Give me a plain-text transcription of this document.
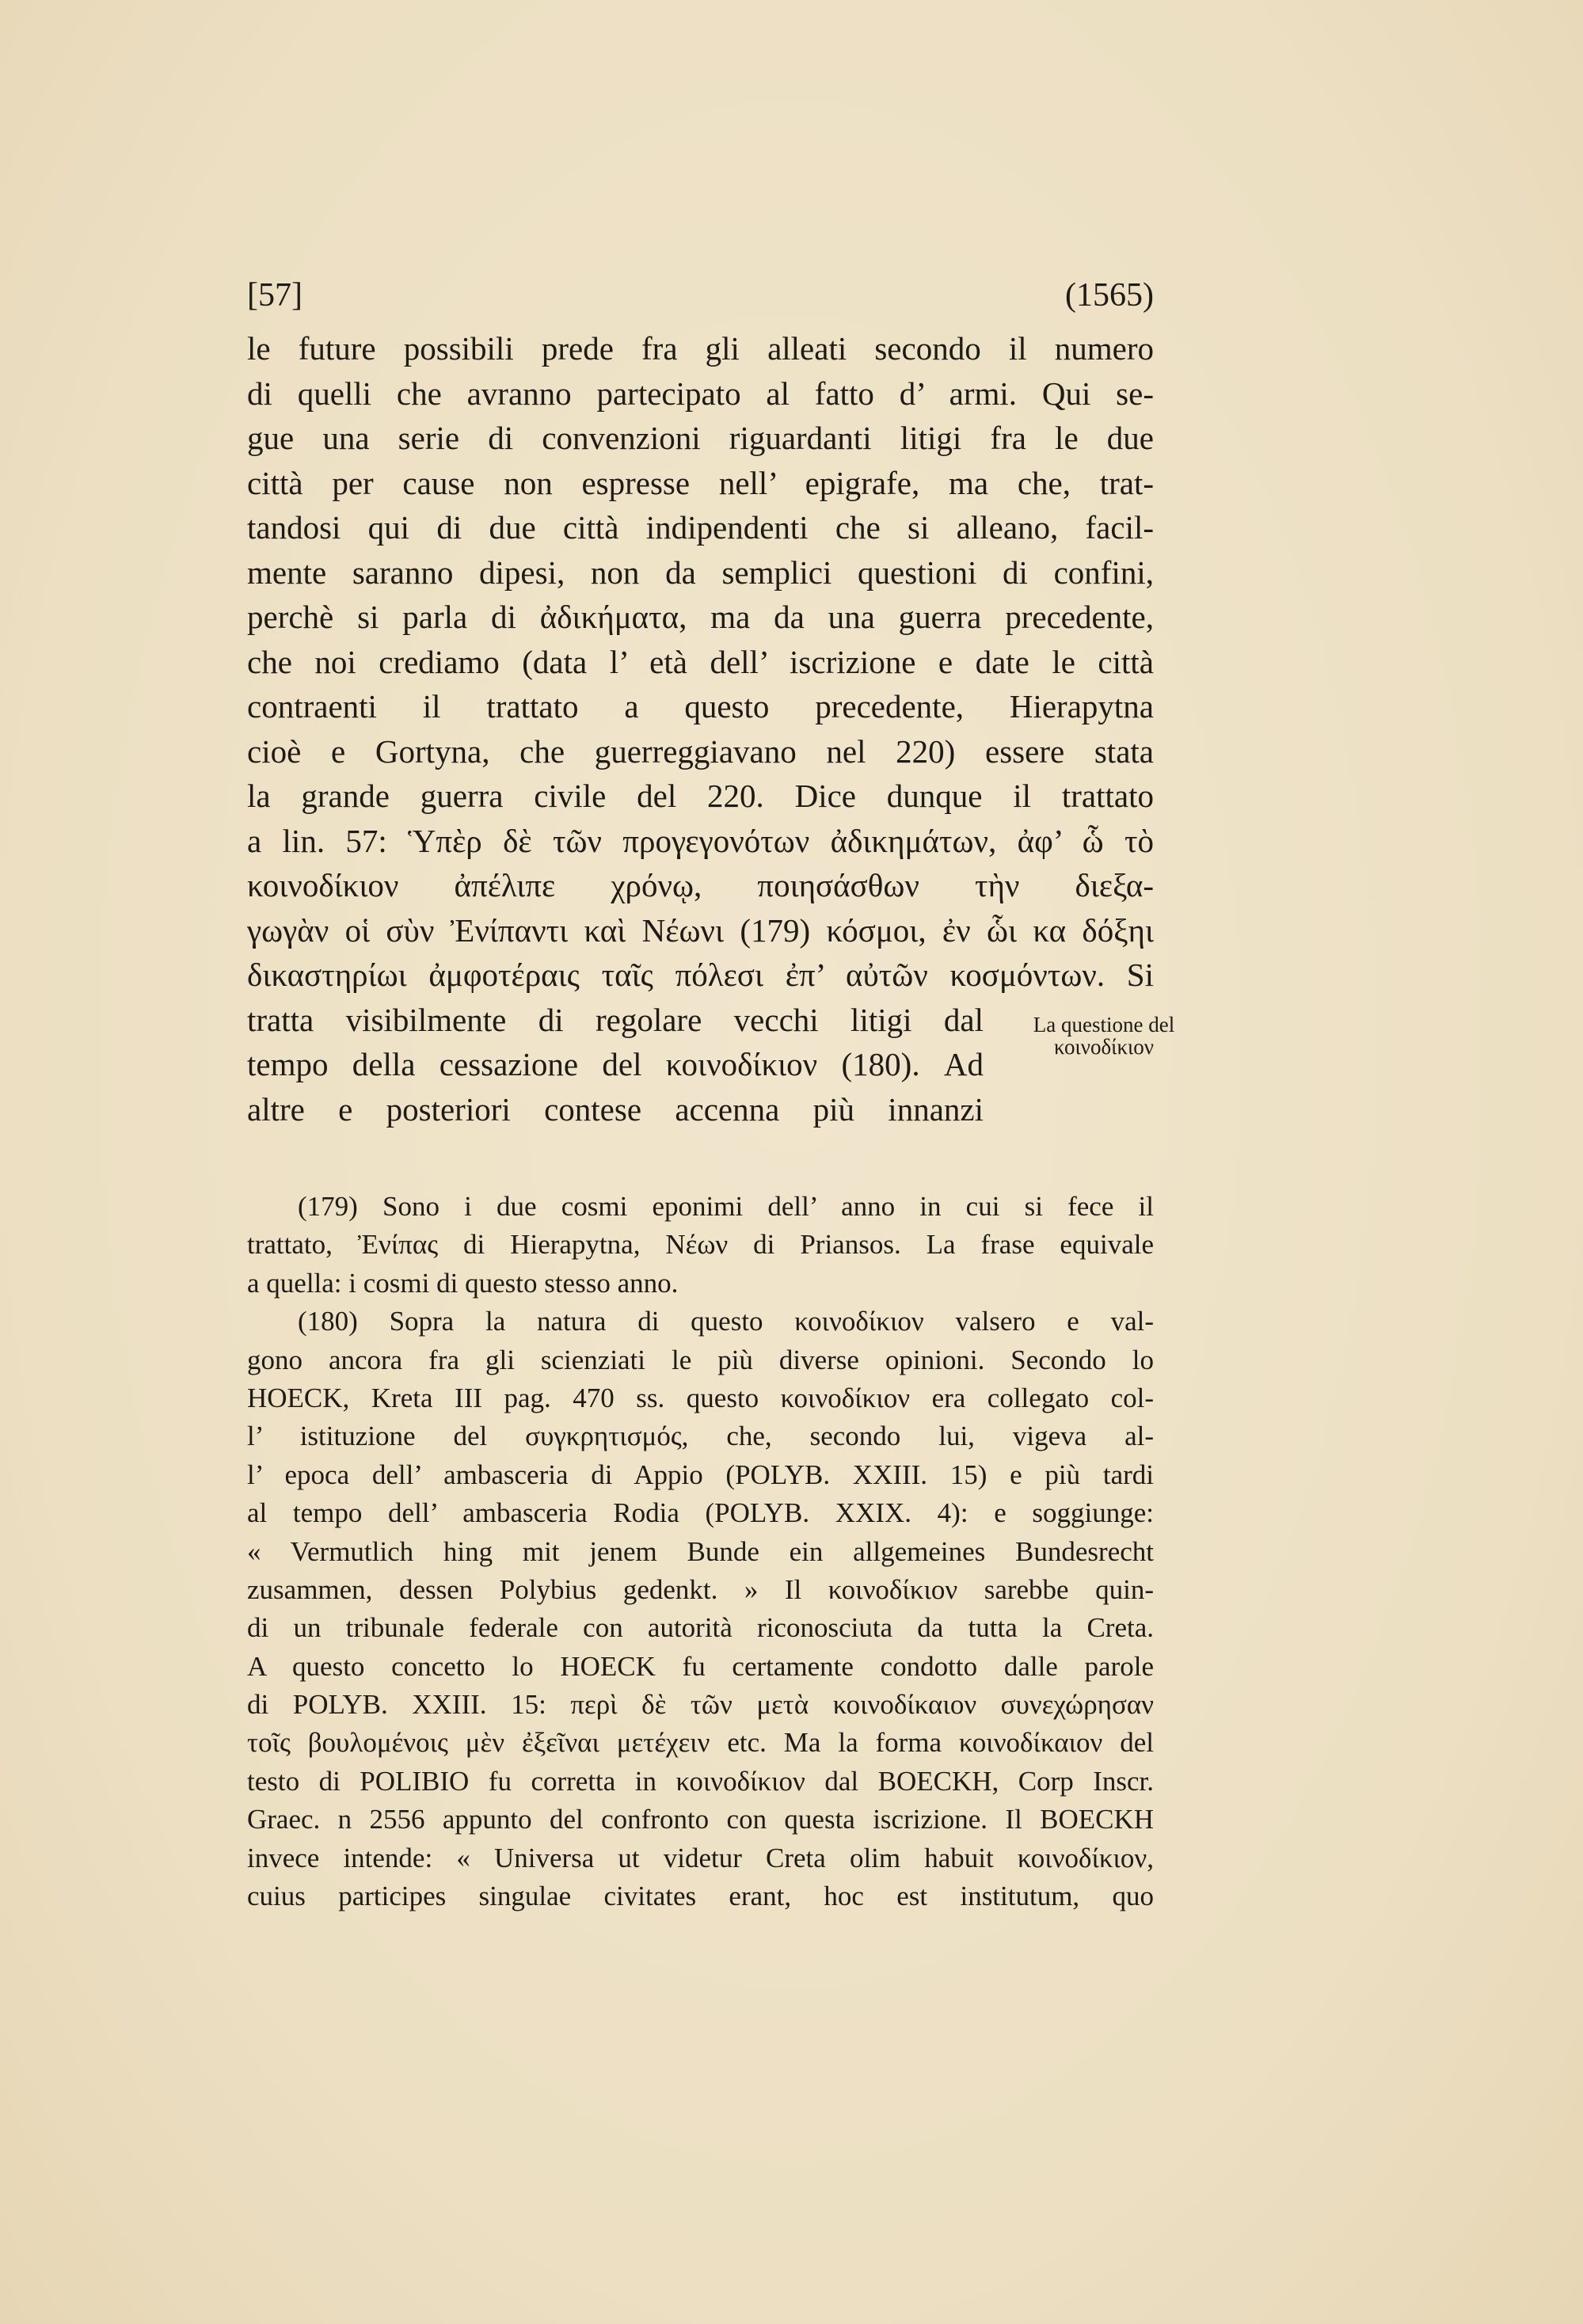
[57]	(1565)
le future possibili prede fra gli alleati secondo il numero
di quelli che avranno partecipato al fatto d’ armi. Qui se-
gue una serie di convenzioni riguardanti litigi fra le due
città per cause non espresse nell’ epigrafe, ma che, trat-
tandosi qui di due città indipendenti che si alleano, facil-
mente saranno dipesi, non da semplici questioni di confini,
perchè si parla di ἀδικήματα, ma da una guerra precedente,
che noi crediamo (data l’ età dell’ iscrizione e date le città
contraenti il trattato a questo precedente, Hierapytna
cioè e Gortyna, che guerreggiavano nel 220) essere stata
la grande guerra civile del 220. Dice dunque il trattato
a lin. 57: Ὑπὲρ δὲ τῶν προγεγονότων ἀδικημάτων, ἀφ’ ὧ τὸ
κοινοδίκιον ἀπέλιπε χρόνῳ, ποιησάσθων τὴν διεξα-
γωγὰν οἱ σὺν Ἐνίπαντι καὶ Νέωνι (179) κόσμοι, ἐν ὧι κα δόξηι
δικαστηρίωι ἀμφοτέραις ταῖς πόλεσι ἐπ’ αὐτῶν κοσμόντων. Si
tratta visibilmente di regolare vecchi litigi dal
tempo della cessazione del κοινοδίκιον (180). Ad
altre e posteriori contese accenna più innanzi
La questione del
κοινοδίκιον
(179) Sono i due cosmi eponimi dell’ anno in cui si fece il
trattato, Ἐνίπας di Hierapytna, Νέων di Priansos. La frase equivale
a quella: i cosmi di questo stesso anno.
(180) Sopra la natura di questo κοινοδίκιον valsero e val-
gono ancora fra gli scienziati le più diverse opinioni. Secondo lo
HOECK, Kreta III pag. 470 ss. questo κοινοδίκιον era collegato col-
l’ istituzione del συγκρητισμός, che, secondo lui, vigeva al-
l’ epoca dell’ ambasceria di Appio (POLYB. XXIII. 15) e più tardi
al tempo dell’ ambasceria Rodia (POLYB. XXIX. 4): e soggiunge:
« Vermutlich hing mit jenem Bunde ein allgemeines Bundesrecht
zusammen, dessen Polybius gedenkt. » Il κοινοδίκιον sarebbe quin-
di un tribunale federale con autorità riconosciuta da tutta la Creta.
A questo concetto lo HOECK fu certamente condotto dalle parole
di POLYB. XXIII. 15: περὶ δὲ τῶν μετὰ κοινοδίκαιον συνεχώρησαν
τοῖς βουλομένοις μὲν ἐξεῖναι μετέχειν etc. Ma la forma κοινοδίκαιον del
testo di POLIBIO fu corretta in κοινοδίκιον dal BOECKH, Corp Inscr.
Graec. n 2556 appunto del confronto con questa iscrizione. Il BOECKH
invece intende: « Universa ut videtur Creta olim habuit κοινοδίκιον,
cuius participes singulae civitates erant, hoc est institutum, quo
